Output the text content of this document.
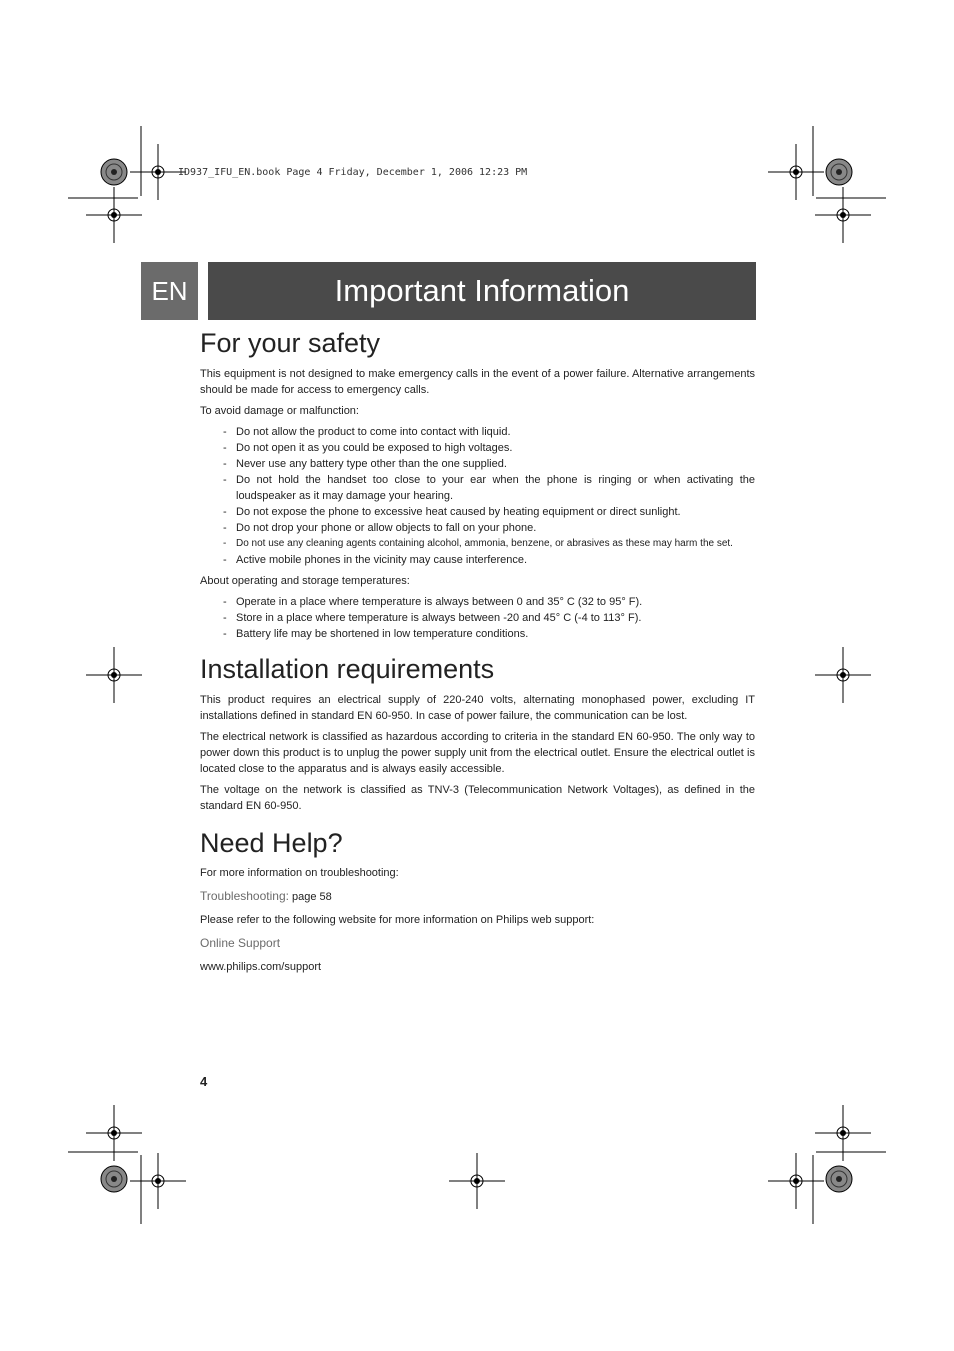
ID937_IFU_EN.book Page 4 Friday, December 1, 2006 12:23 PM
EN	Important Information
For your safety

This equipment is not designed to make emergency calls in the event of a power failure. Alternative arrangements should be made for access to emergency calls.

To avoid damage or malfunction:

- Do not allow the product to come into contact with liquid.
- Do not open it as you could be exposed to high voltages.
- Never use any battery type other than the one supplied.
- Do not hold the handset too close to your ear when the phone is ringing or when activating the loudspeaker as it may damage your hearing.
- Do not expose the phone to excessive heat caused by heating equipment or direct sunlight.
- Do not drop your phone or allow objects to fall on your phone.
- Do not use any cleaning agents containing alcohol, ammonia, benzene, or abrasives as these may harm the set.
- Active mobile phones in the vicinity may cause interference.

About operating and storage temperatures:

- Operate in a place where temperature is always between 0 and 35° C (32 to 95° F).
- Store in a place where temperature is always between -20 and 45° C (-4 to 113° F).
- Battery life may be shortened in low temperature conditions.
Installation requirements

This product requires an electrical supply of 220-240 volts, alternating monophased power, excluding IT installations defined in standard EN 60-950. In case of power failure, the communication can be lost.

The electrical network is classified as hazardous according to criteria in the standard EN 60-950. The only way to power down this product is to unplug the power supply unit from the electrical outlet. Ensure the electrical outlet is located close to the apparatus and is always easily accessible.

The voltage on the network is classified as TNV-3 (Telecommunication Network Voltages), as defined in the standard EN 60-950.

Need Help?
For more information on troubleshooting:
Troubleshooting: page 58
Please refer to the following website for more information on Philips web support:
Online Support
www.philips.com/support
4
